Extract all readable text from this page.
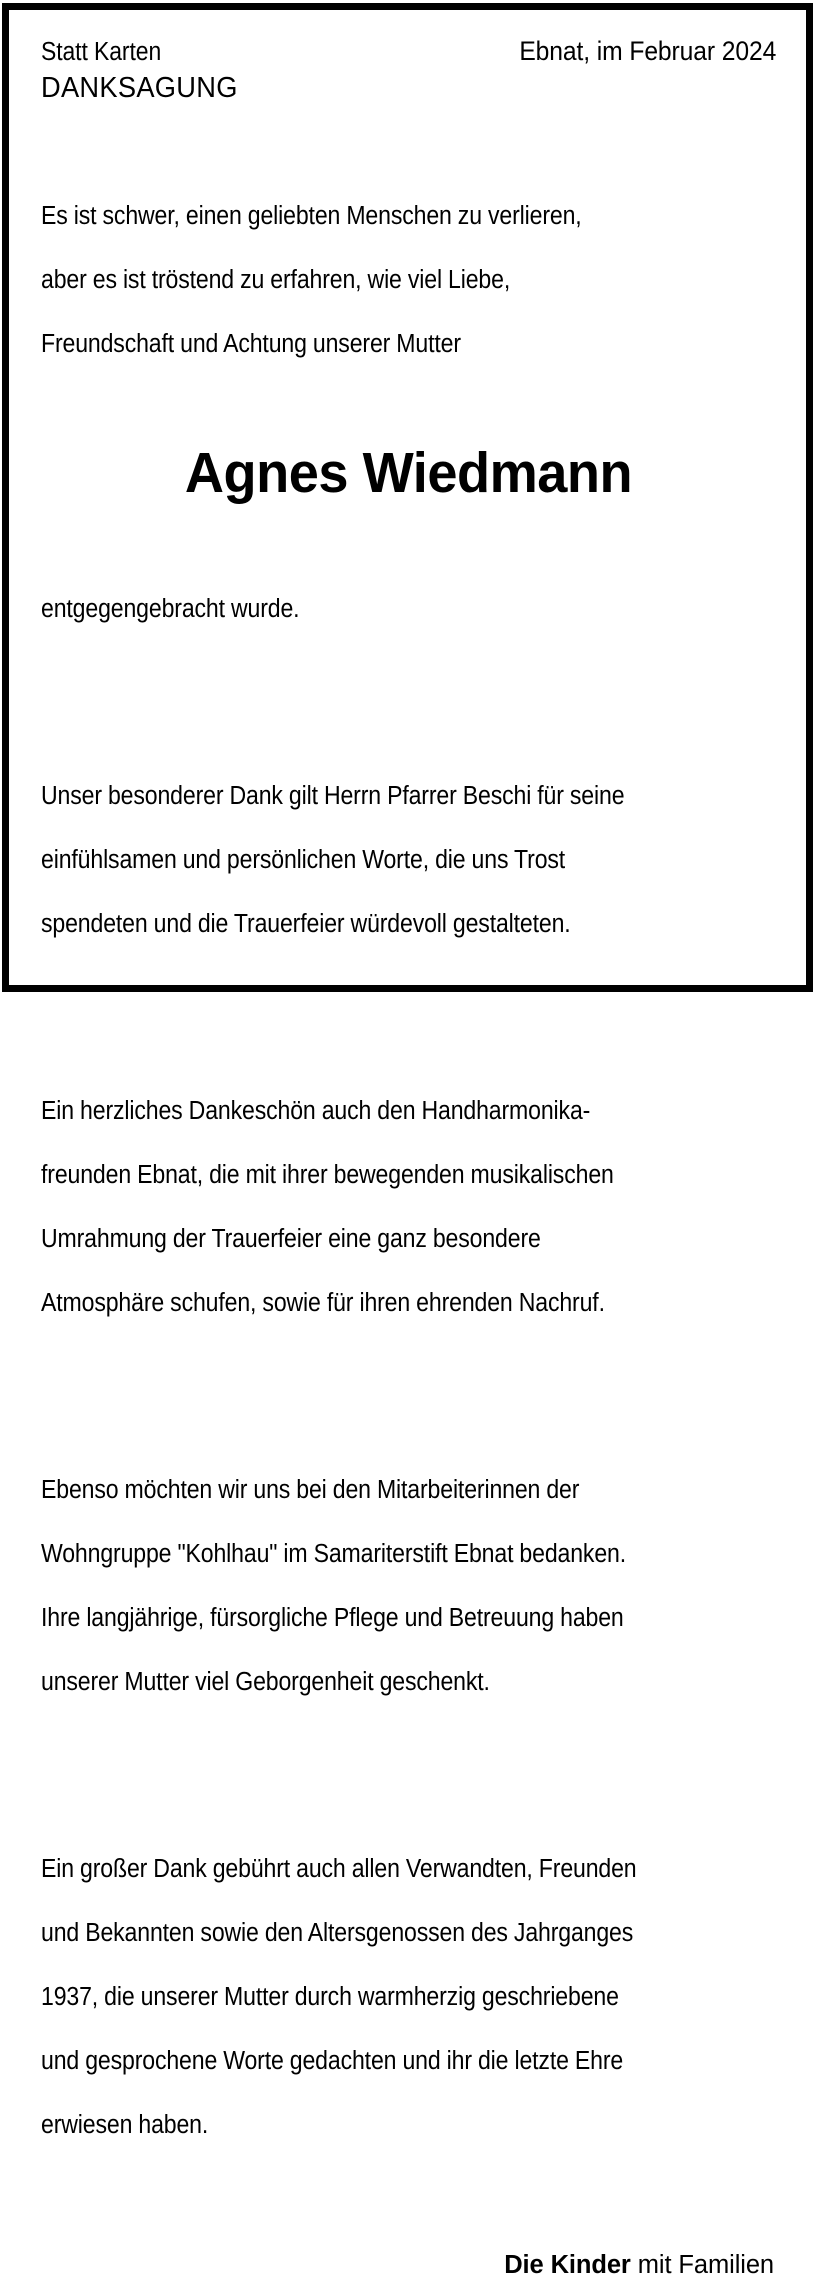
Statt Karten	Ebnat, im Februar 2024
DANKSAGUNG

Es ist schwer, einen geliebten Menschen zu verlieren,

aber es ist tröstend zu erfahren, wie viel Liebe,

Freundschaft und Achtung unserer Mutter

Agnes Wiedmann

entgegengebracht wurde.

Unser besonderer Dank gilt Herrn Pfarrer Beschi für seine

einfühlsamen und persönlichen Worte, die uns Trost

spendeten und die Trauerfeier würdevoll gestalteten.

Ein herzliches Dankeschön auch den Handharmonika-

freunden Ebnat, die mit ihrer bewegenden musikalischen

Umrahmung der Trauerfeier eine ganz besondere

Atmosphäre schufen, sowie für ihren ehrenden Nachruf.

Ebenso möchten wir uns bei den Mitarbeiterinnen der

Wohngruppe "Kohlhau" im Samariterstift Ebnat bedanken.

Ihre langjährige, fürsorgliche Pflege und Betreuung haben

unserer Mutter viel Geborgenheit geschenkt.

Ein großer Dank gebührt auch allen Verwandten, Freunden

und Bekannten sowie den Altersgenossen des Jahrganges

1937, die unserer Mutter durch warmherzig geschriebene

und gesprochene Worte gedachten und ihr die letzte Ehre

erwiesen haben.

Die Kinder mit Familien
